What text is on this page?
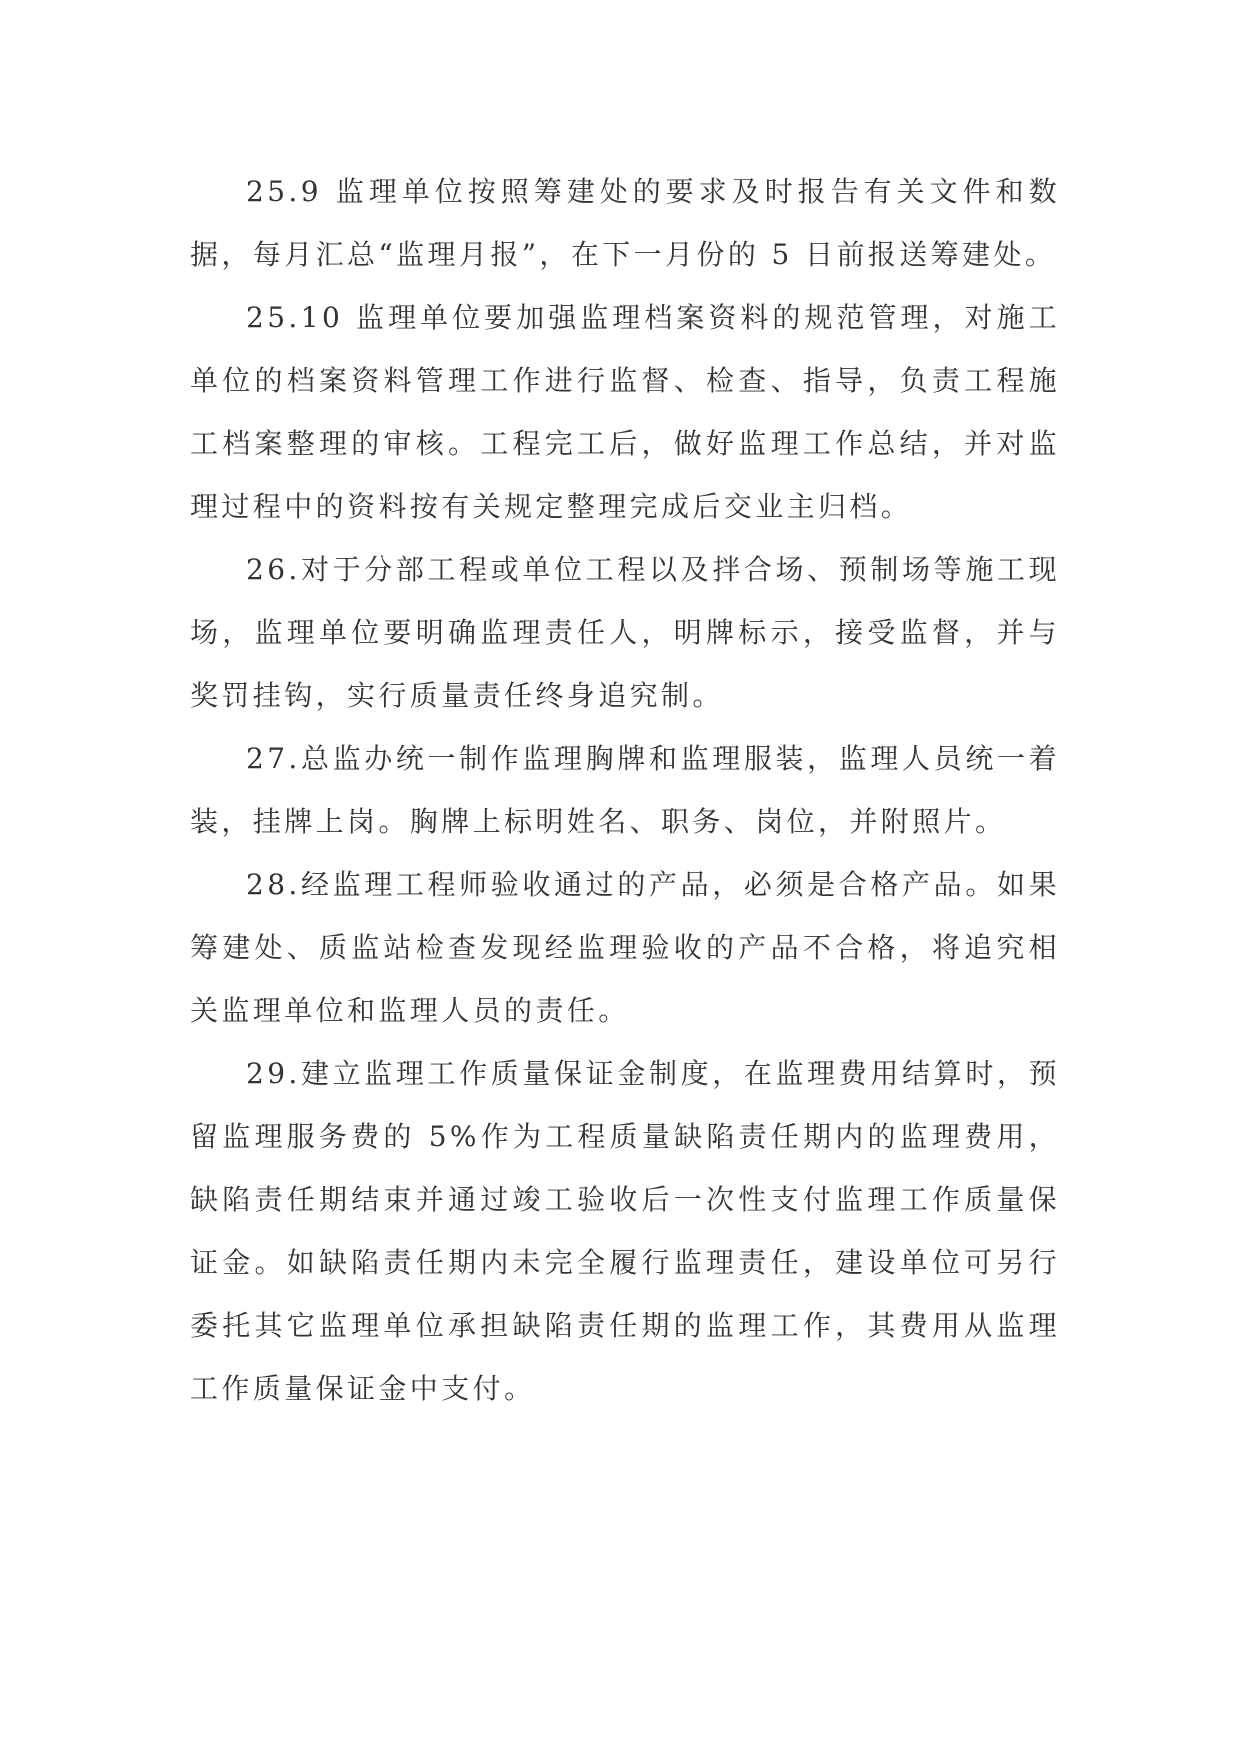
25.9 监理单位按照筹建处的要求及时报告有关文件和数据，每月汇总“监理月报”，在下一月份的 5 日前报送筹建处。

25.10 监理单位要加强监理档案资料的规范管理，对施工单位的档案资料管理工作进行监督、检查、指导，负责工程施工档案整理的审核。工程完工后，做好监理工作总结，并对监理过程中的资料按有关规定整理完成后交业主归档。

26.对于分部工程或单位工程以及拌合场、预制场等施工现场，监理单位要明确监理责任人，明牌标示，接受监督，并与奖罚挂钩，实行质量责任终身追究制。

27.总监办统一制作监理胸牌和监理服装，监理人员统一着装，挂牌上岗。胸牌上标明姓名、职务、岗位，并附照片。

28.经监理工程师验收通过的产品，必须是合格产品。如果筹建处、质监站检查发现经监理验收的产品不合格，将追究相关监理单位和监理人员的责任。

29.建立监理工作质量保证金制度，在监理费用结算时，预留监理服务费的 5%作为工程质量缺陷责任期内的监理费用，缺陷责任期结束并通过竣工验收后一次性支付监理工作质量保证金。如缺陷责任期内未完全履行监理责任，建设单位可另行委托其它监理单位承担缺陷责任期的监理工作，其费用从监理工作质量保证金中支付。
